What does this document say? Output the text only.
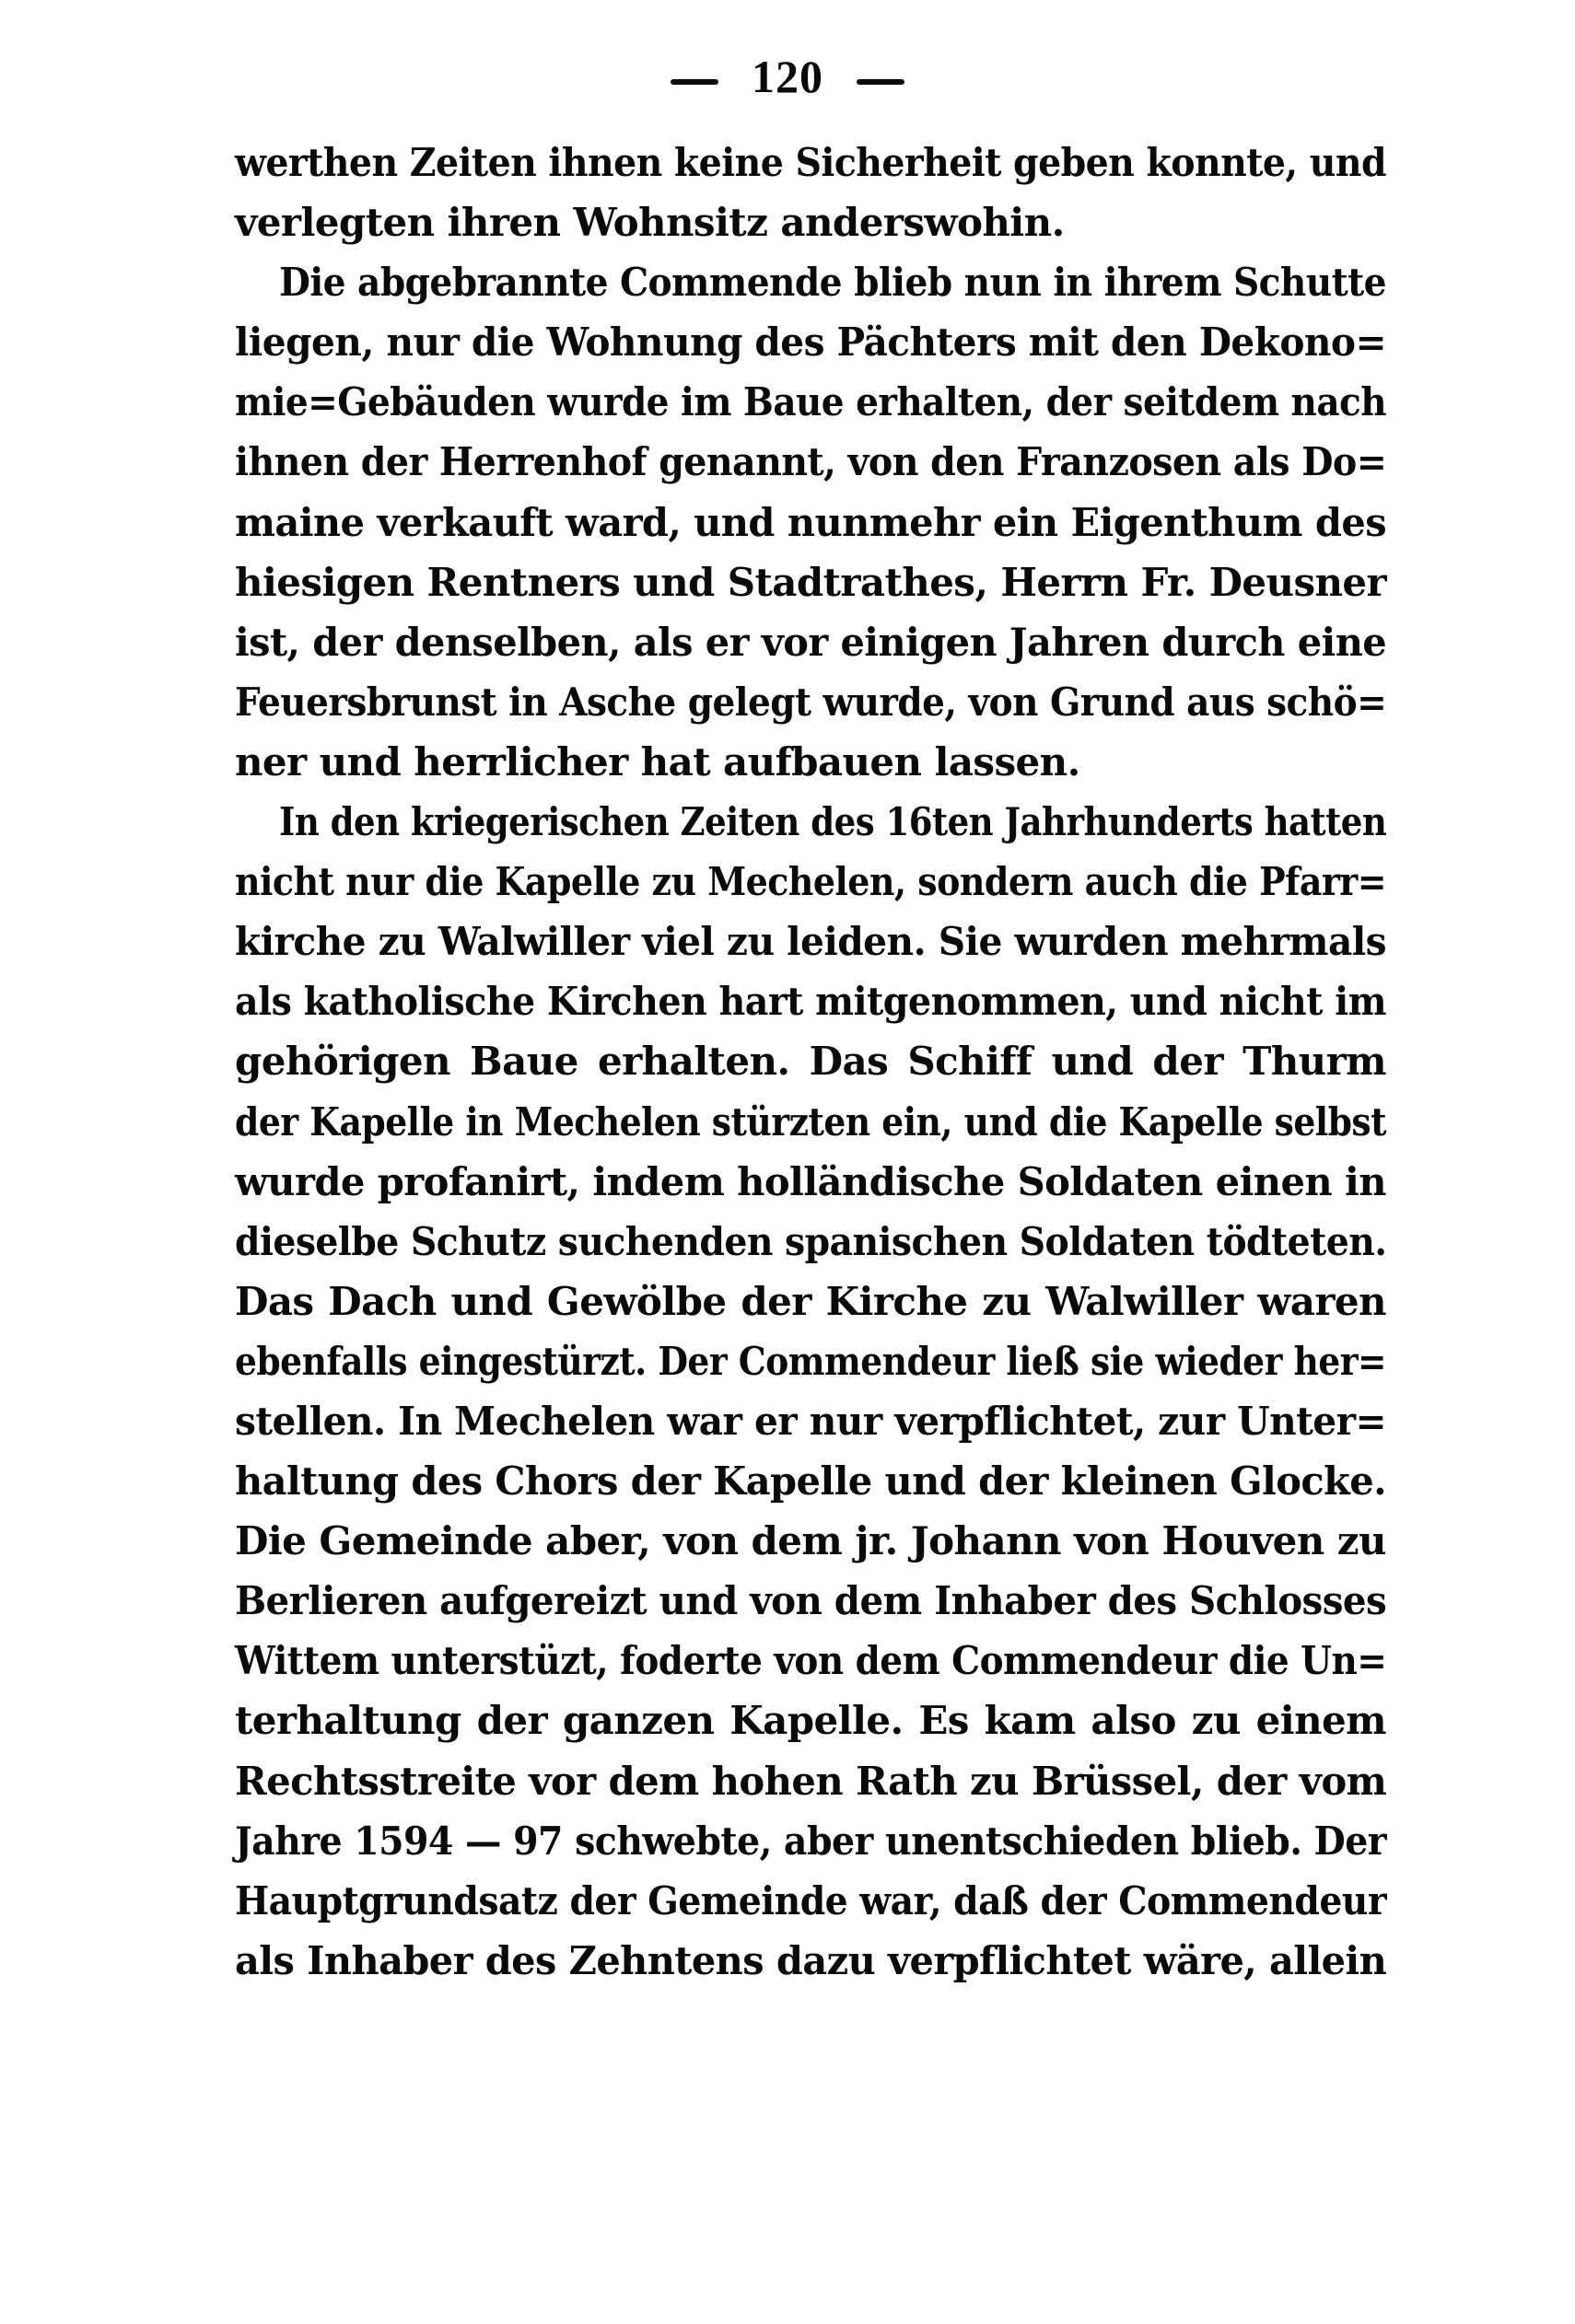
120
werthen Zeiten ihnen keine Sicherheit geben konnte, und
verlegten ihren Wohnsitz anderswohin.
Die abgebrannte Commende blieb nun in ihrem Schutte
liegen, nur die Wohnung des Pächters mit den Dekono=
mie=Gebäuden wurde im Baue erhalten, der seitdem nach
ihnen der Herrenhof genannt, von den Franzosen als Do=
maine verkauft ward, und nunmehr ein Eigenthum des
hiesigen Rentners und Stadtrathes, Herrn Fr. Deusner
ist, der denselben, als er vor einigen Jahren durch eine
Feuersbrunst in Asche gelegt wurde, von Grund aus schö=
ner und herrlicher hat aufbauen lassen.
In den kriegerischen Zeiten des 16ten Jahrhunderts hatten
nicht nur die Kapelle zu Mechelen, sondern auch die Pfarr=
kirche zu Walwiller viel zu leiden. Sie wurden mehrmals
als katholische Kirchen hart mitgenommen, und nicht im
gehörigen Baue erhalten. Das Schiff und der Thurm
der Kapelle in Mechelen stürzten ein, und die Kapelle selbst
wurde profanirt, indem holländische Soldaten einen in
dieselbe Schutz suchenden spanischen Soldaten tödteten.
Das Dach und Gewölbe der Kirche zu Walwiller waren
ebenfalls eingestürzt. Der Commendeur ließ sie wieder her=
stellen. In Mechelen war er nur verpflichtet, zur Unter=
haltung des Chors der Kapelle und der kleinen Glocke.
Die Gemeinde aber, von dem jr. Johann von Houven zu
Berlieren aufgereizt und von dem Inhaber des Schlosses
Wittem unterstüzt, foderte von dem Commendeur die Un=
terhaltung der ganzen Kapelle. Es kam also zu einem
Rechtsstreite vor dem hohen Rath zu Brüssel, der vom
Jahre 1594 — 97 schwebte, aber unentschieden blieb. Der
Hauptgrundsatz der Gemeinde war, daß der Commendeur
als Inhaber des Zehntens dazu verpflichtet wäre, allein
